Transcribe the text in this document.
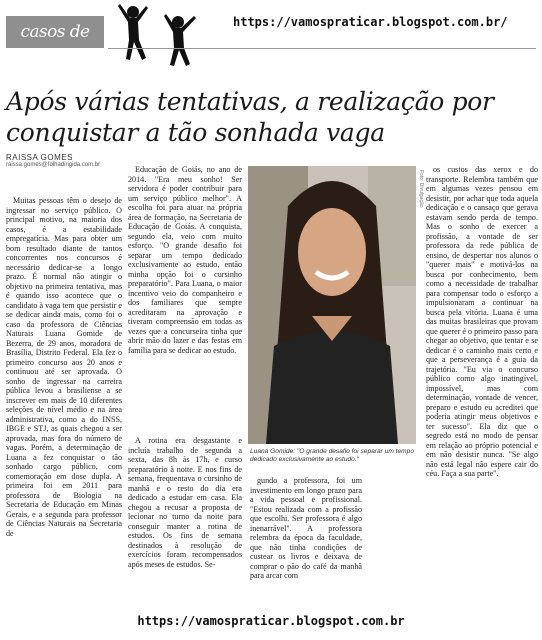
casos de sucesso
https://vamospraticar.blogspot.com.br/
Após várias tentativas, a realização por conquistar a tão sonhada vaga
RAISSA GOMES
raissa.gomes@folhadirigida.com.br

Muitas pessoas têm o desejo de ingressar no serviço público. O principal motivo, na maioria dos casos, é a estabilidade empregatícia. Mas para obter um bom resultado diante de tantos concorrentes nos concursos é necessário dedicar-se a longo prazo. É normal não atingir o objetivo na primeira tentativa, mas é quando isso acontece que o candidato à vaga tem que persistir e se dedicar ainda mais, como foi o caso da professora de Ciências Naturais Luana Gomide de Bezerra, de 29 anos, moradora de Brasília, Distrito Federal. Ela fez o primeiro concurso aos 20 anos e continuou até ser aprovada. O sonho de ingressar na carreira pública levou a brasiliense a se inscrever em mais de 10 diferentes seleções de nível médio e na área administrativa, como a do INSS, IBGE e STJ, as quais chegou a ser aprovada, mas fora do número de vagas. Porém, a determinação de Luana a fez conquistar o tão sonhado cargo público, com comemoração em dose dupla. A primeira foi em 2011 para professora de Biologia na Secretaria de Educação em Minas Gerais, e a segunda para professor de Ciências Naturais na Secretaria de

Educação de Goiás, no ano de 2014. "Era meu sonho! Ser servidora é poder contribuir para um serviço público melhor". A escolha foi para atuar na própria área de formação, na Secretaria de Educação de Goiás. A conquista, segundo ela, veio com muito esforço. "O grande desafio foi separar um tempo dedicado exclusivamente ao estudo, então minha opção foi o cursinho preparatório". Para Luana, o maior incentivo veio do companheiro e dos familiares que sempre acreditaram na aprovação e tiveram compreensão em todas as vezes que a concurseira tinha que abrir mão do lazer e das festas em família para se dedicar ao estudo.

A rotina era desgastante e incluía trabalho de segunda a sexta, das 8h às 17h, e curso preparatório à noite. E nos fins de semana, frequentava o cursinho de manhã e o resto do dia era dedicado a estudar em casa. Ela chegou a recusar a proposta de lecionar no turno da noite para conseguir manter a rotina de estudos. Os fins de semana destinados à resolução de exercícios foram recompensados após meses de estudos. Se-

Foto: Divulgação
Luana Gomide: "O grande desafio foi separar um tempo dedicado exclusivamente ao estudo."

gundo a professora, foi um investimento em longo prazo para a vida pessoal e profissional. "Estou realizada com a profissão que escolhi. Ser professora é algo inenarrável". A professora relembra da época da faculdade, que não tinha condições de custear os livros e deixava de comprar o pão do café da manhã para arcar com

os custos das xerox e do transporte. Relembra também que em algumas vezes pensou em desistir, por achar que toda aquela dedicação e o cansaço que gerava estavam sendo perda de tempo. Mas o sonho de exercer a profissão, a vontade de ser professora da rede pública de ensino, de despertar nos alunos o "querer mais" e motivá-los na busca por conhecimento, bem como a necessidade de trabalhar para compensar todo o esforço a impulsionaram a continuar na busca pela vitória. Luana é uma das muitas brasileiras que provam que querer é o primeiro passo para chegar ao objetivo, que tentar e se dedicar é o caminho mais certo e que a perseverança é a guia da trajetória. "Eu via o concurso público como algo inatingível, impossível, mas com determinação, vontade de vencer, preparo e estudo eu acreditei que poderia atingir meus objetivos e ter sucesso". Ela diz que o segredo está no modo de pensar em relação ao próprio potencial e em não desistir nunca. "Se algo não está legal não espere cair do céu. Faça a sua parte".

https://vamospraticar.blogspot.com.br
